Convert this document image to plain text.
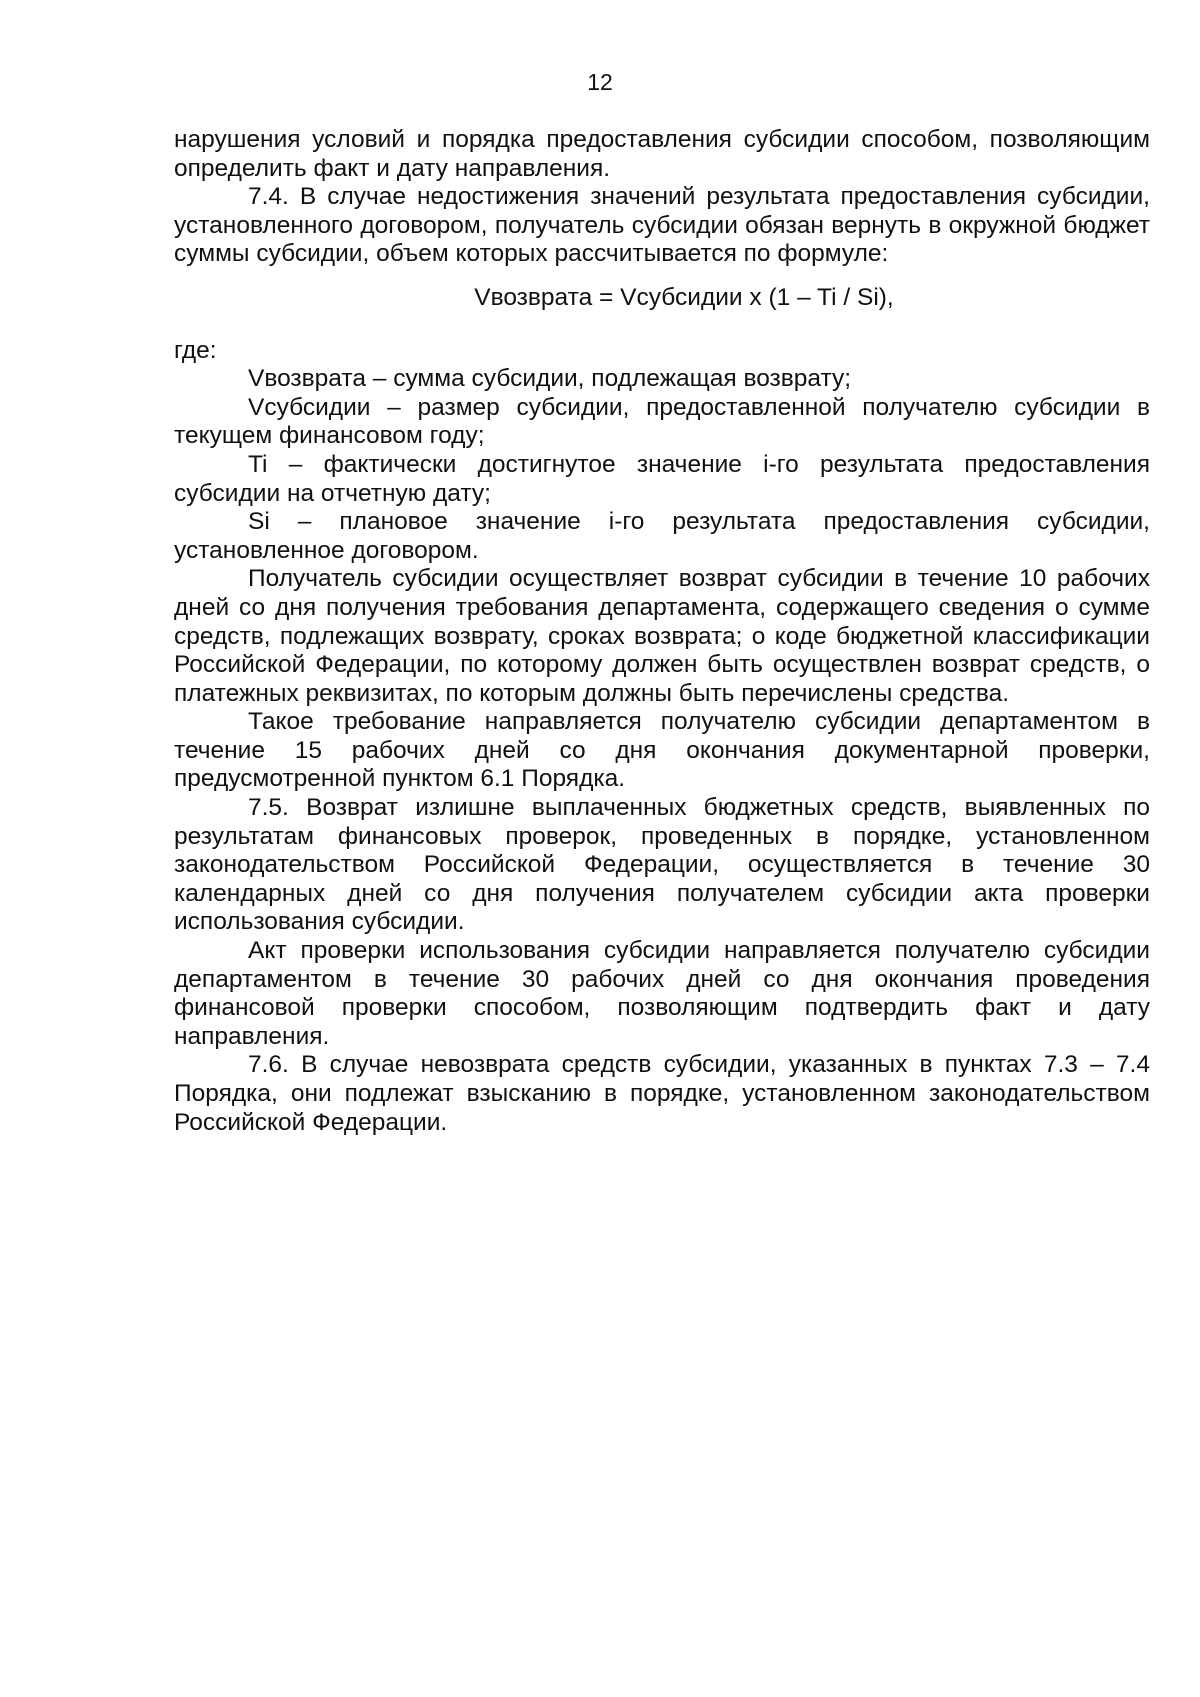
12

нарушения условий и порядка предоставления субсидии способом, позволяющим определить факт и дату направления.

7.4. В случае недостижения значений результата предоставления субсидии, установленного договором, получатель субсидии обязан вернуть в окружной бюджет суммы субсидии, объем которых рассчитывается по формуле:

Vвозврата = Vсубсидии x (1 – Ti / Si),

где:

Vвозврата – сумма субсидии, подлежащая возврату;

Vсубсидии – размер субсидии, предоставленной получателю субсидии в текущем финансовом году;

Ti – фактически достигнутое значение i-го результата предоставления субсидии на отчетную дату;

Si – плановое значение i-го результата предоставления субсидии, установленное договором.

Получатель субсидии осуществляет возврат субсидии в течение 10 рабочих дней со дня получения требования департамента, содержащего сведения о сумме средств, подлежащих возврату, сроках возврата; о коде бюджетной классификации Российской Федерации, по которому должен быть осуществлен возврат средств, о платежных реквизитах, по которым должны быть перечислены средства.

Такое требование направляется получателю субсидии департаментом в течение 15 рабочих дней со дня окончания документарной проверки, предусмотренной пунктом 6.1 Порядка.

7.5. Возврат излишне выплаченных бюджетных средств, выявленных по результатам финансовых проверок, проведенных в порядке, установленном законодательством Российской Федерации, осуществляется в течение 30 календарных дней со дня получения получателем субсидии акта проверки использования субсидии.

Акт проверки использования субсидии направляется получателю субсидии департаментом в течение 30 рабочих дней со дня окончания проведения финансовой проверки способом, позволяющим подтвердить факт и дату направления.

7.6. В случае невозврата средств субсидии, указанных в пунктах 7.3 – 7.4 Порядка, они подлежат взысканию в порядке, установленном законодательством Российской Федерации.
